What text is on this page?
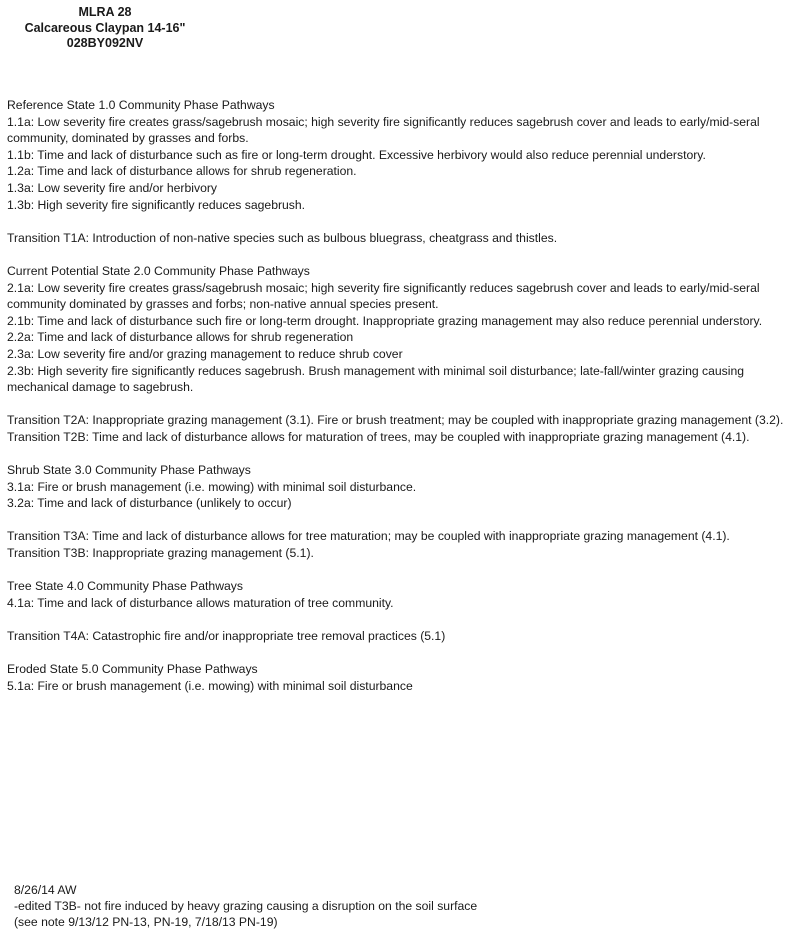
MLRA 28
Calcareous Claypan 14-16"
028BY092NV
Reference State 1.0 Community Phase Pathways
1.1a: Low severity fire creates grass/sagebrush mosaic; high severity fire significantly reduces sagebrush cover and leads to early/mid-seral community, dominated by grasses and forbs.
1.1b: Time and lack of disturbance such as fire or long-term drought. Excessive herbivory would also reduce perennial understory.
1.2a: Time and lack of disturbance allows for shrub regeneration.
1.3a: Low severity fire and/or herbivory
1.3b: High severity fire significantly reduces sagebrush.
Transition T1A: Introduction of non-native species such as bulbous bluegrass, cheatgrass and thistles.
Current Potential State 2.0 Community Phase Pathways
2.1a: Low severity fire creates grass/sagebrush mosaic; high severity fire significantly reduces sagebrush cover and leads to early/mid-seral community dominated by grasses and forbs; non-native annual species present.
2.1b: Time and lack of disturbance such fire or long-term drought. Inappropriate grazing management may also reduce perennial understory.
2.2a: Time and lack of disturbance allows for shrub regeneration
2.3a: Low severity fire and/or grazing management to reduce shrub cover
2.3b: High severity fire significantly reduces sagebrush. Brush management with minimal soil disturbance; late-fall/winter grazing causing mechanical damage to sagebrush.
Transition T2A: Inappropriate grazing management (3.1). Fire or brush treatment; may be coupled with inappropriate grazing management (3.2).
Transition T2B: Time and lack of disturbance allows for maturation of trees, may be coupled with inappropriate grazing management (4.1).
Shrub State 3.0 Community Phase Pathways
3.1a: Fire or brush management (i.e. mowing) with minimal soil disturbance.
3.2a: Time and lack of disturbance (unlikely to occur)
Transition T3A: Time and lack of disturbance allows for tree maturation; may be coupled with inappropriate grazing management (4.1).
Transition T3B: Inappropriate grazing management (5.1).
Tree State 4.0 Community Phase Pathways
4.1a: Time and lack of disturbance allows maturation of tree community.
Transition T4A: Catastrophic fire and/or inappropriate tree removal practices (5.1)
Eroded State 5.0 Community Phase Pathways
5.1a: Fire or brush management (i.e. mowing) with minimal soil disturbance
8/26/14 AW
-edited T3B- not fire induced by heavy grazing causing a disruption on the soil surface (see note 9/13/12 PN-13, PN-19, 7/18/13 PN-19)
